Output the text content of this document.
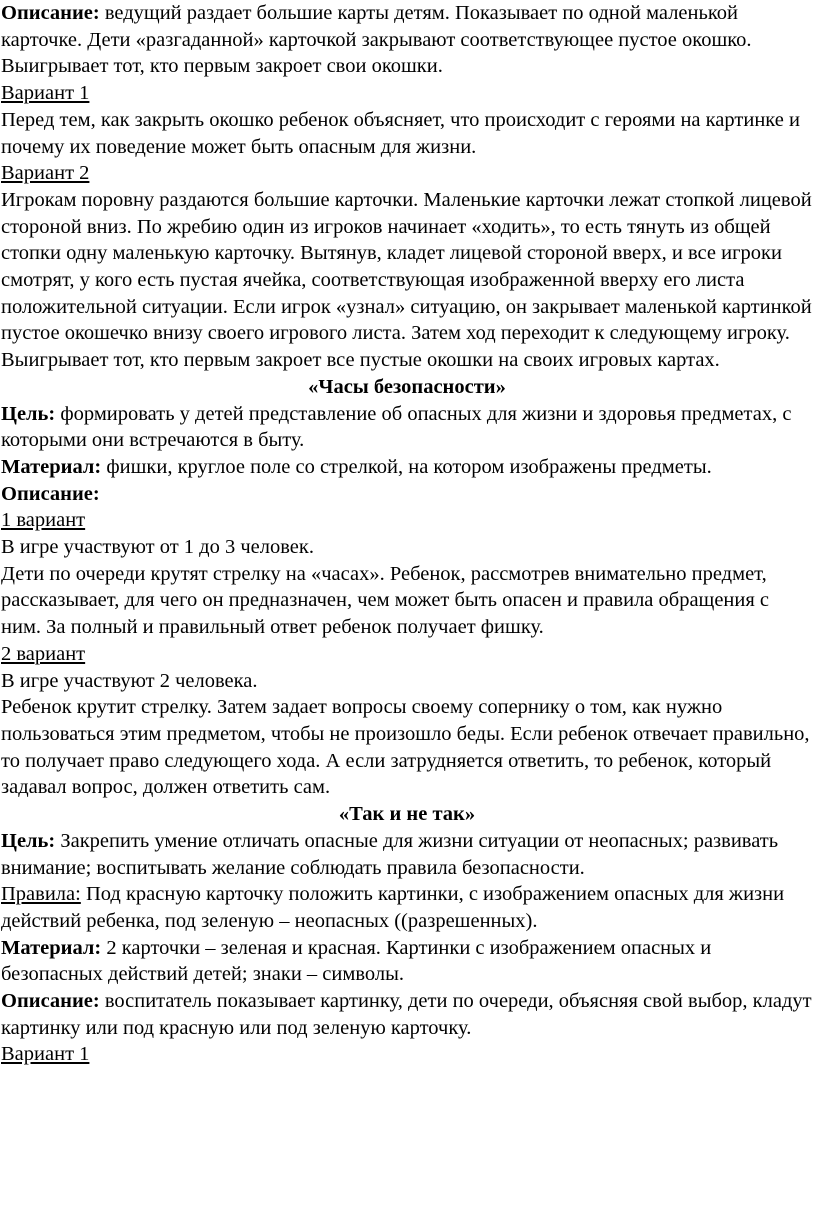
Описание: ведущий раздает большие карты детям. Показывает по одной маленькой карточке. Дети «разгаданной» карточкой закрывают соответствующее пустое окошко. Выигрывает тот, кто первым закроет свои окошки.

Вариант 1

Перед тем, как закрыть окошко ребенок объясняет, что происходит с героями на картинке и почему их поведение может быть опасным для жизни.

Вариант 2

Игрокам поровну раздаются большие карточки. Маленькие карточки лежат стопкой лицевой стороной вниз. По жребию один из игроков начинает «ходить», то есть тянуть из общей стопки одну маленькую карточку. Вытянув, кладет лицевой стороной вверх, и все игроки смотрят, у кого есть пустая ячейка, соответствующая изображенной вверху его листа положительной ситуации. Если игрок «узнал» ситуацию, он закрывает маленькой картинкой пустое окошечко внизу своего игрового листа. Затем ход переходит к следующему игроку. Выигрывает тот, кто первым закроет все пустые окошки на своих игровых картах.

«Часы безопасности»

Цель: формировать у детей представление об опасных для жизни и здоровья предметах, с которыми они встречаются в быту.

Материал: фишки, круглое поле со стрелкой, на котором изображены предметы.

Описание:

1 вариант

В игре участвуют от 1 до 3 человек.

Дети по очереди крутят стрелку на «часах». Ребенок, рассмотрев внимательно предмет, рассказывает, для чего он предназначен, чем может быть опасен и правила обращения с ним. За полный и правильный ответ ребенок получает фишку.

2 вариант

В игре участвуют 2 человека.

Ребенок крутит стрелку. Затем задает вопросы своему сопернику о том, как нужно пользоваться этим предметом, чтобы не произошло беды. Если ребенок отвечает правильно, то получает право следующего хода. А если затрудняется ответить, то ребенок, который задавал вопрос, должен ответить сам.

«Так и не так»

Цель: Закрепить умение отличать опасные для жизни ситуации от неопасных; развивать внимание; воспитывать желание соблюдать правила безопасности.

Правила: Под красную карточку положить картинки, с изображением опасных для жизни действий ребенка, под зеленую – неопасных ((разрешенных).

Материал: 2 карточки – зеленая и красная. Картинки с изображением опасных и безопасных действий детей; знаки – символы.

Описание: воспитатель показывает картинку, дети по очереди, объясняя свой выбор, кладут картинку или под красную или под зеленую карточку.

Вариант 1
